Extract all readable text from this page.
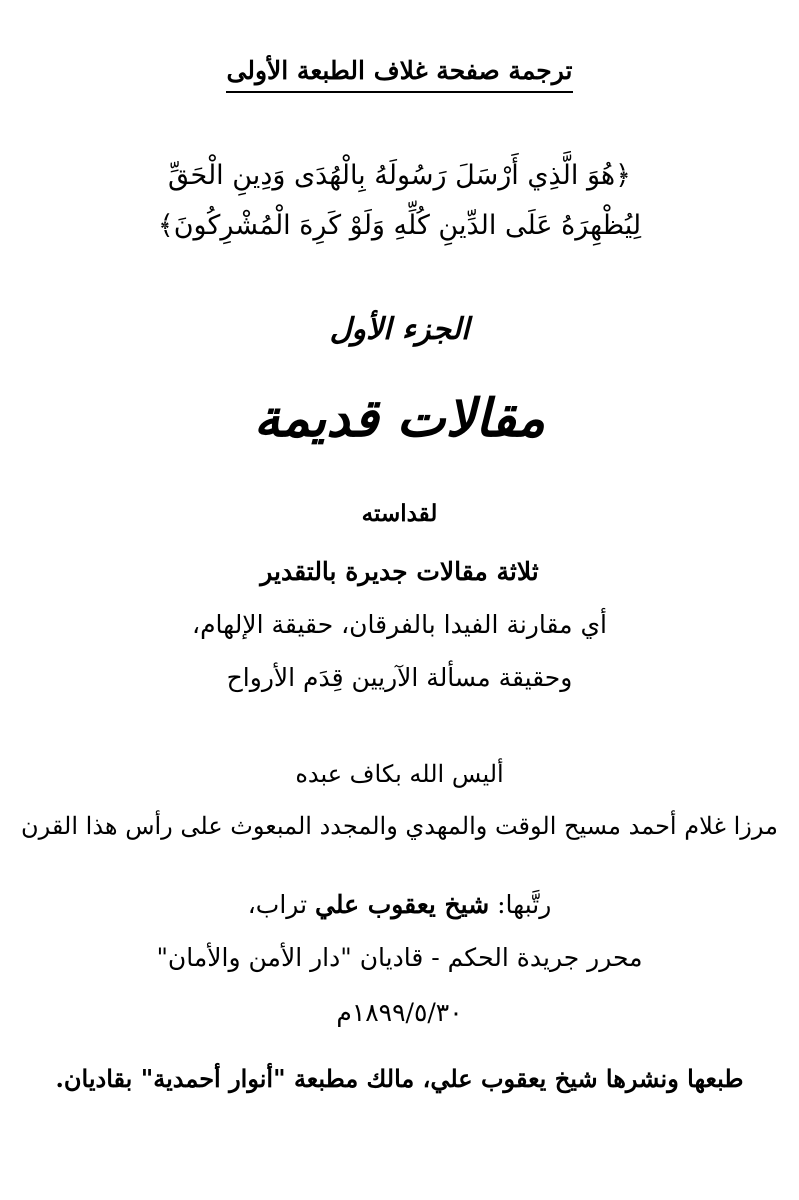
ترجمة صفحة غلاف الطبعة الأولى
﴿هُوَ الَّذِي أَرْسَلَ رَسُولَهُ بِالْهُدَى وَدِينِ الْحَقِّ
لِيُظْهِرَهُ عَلَى الدِّينِ كُلِّهِ وَلَوْ كَرِهَ الْمُشْرِكُونَ﴾
الجزء الأول
مقالات قديمة
لقداسته
ثلاثة مقالات جديرة بالتقدير
أي مقارنة الفيدا بالفرقان، حقيقة الإلهام،
وحقيقة مسألة الآريين قِدَم الأرواح
أليس الله بكاف عبده
مرزا غلام أحمد مسيح الوقت والمهدي والمجدد المبعوث على رأس هذا القرن
رتَّبها: شيخ يعقوب علي تراب،
محرر جريدة الحكم - قاديان "دار الأمن والأمان"
١٨٩٩/٥/٣٠م
طبعها ونشرها شيخ يعقوب علي، مالك مطبعة "أنوار أحمدية" بقاديان.
